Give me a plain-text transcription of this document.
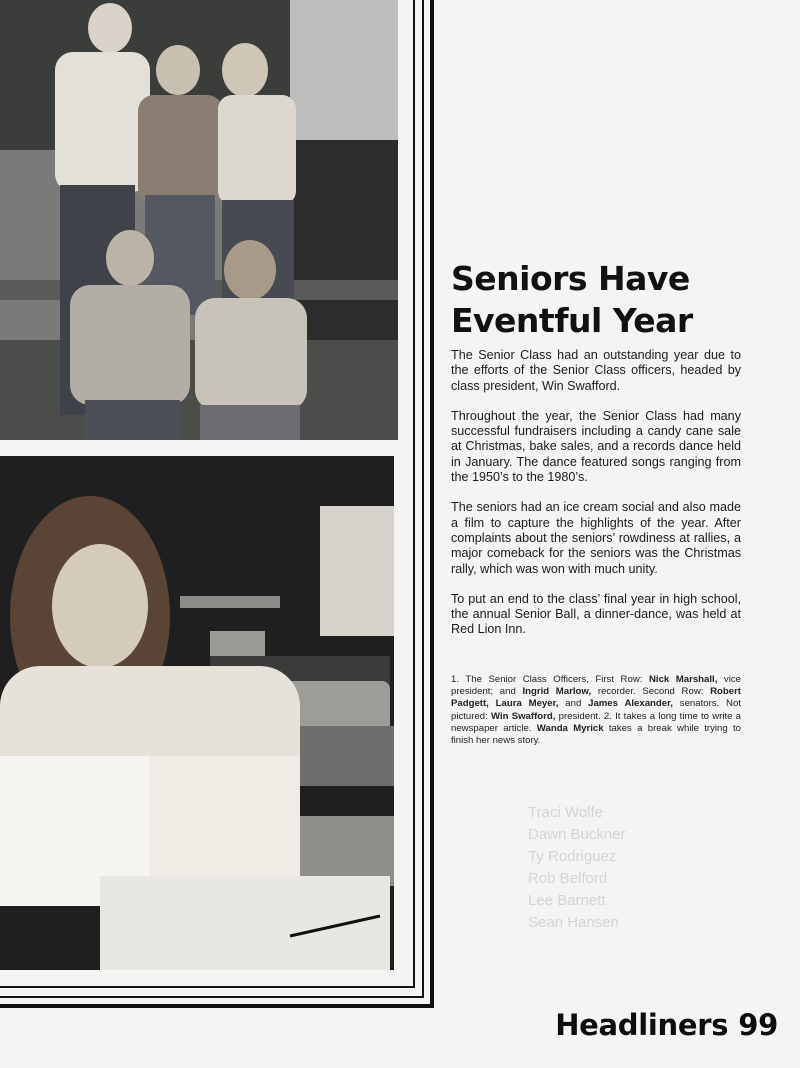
Traci Wolfe
Dawn Buckner
Ty Rodriguez
Rob Belford
Lee Barnett
Sean Hansen
Seniors Have
Eventful Year

The Senior Class had an outstanding year due to the efforts of the Senior Class officers, headed by class president, Win Swafford.

Throughout the year, the Senior Class had many successful fundraisers including a candy cane sale at Christmas, bake sales, and a records dance held in January. The dance featured songs ranging from the 1950’s to the 1980’s.

The seniors had an ice cream social and also made a film to capture the highlights of the year. After complaints about the seniors’ rowdiness at rallies, a major comeback for the seniors was the Christmas rally, which was won with much unity.

To put an end to the class’ final year in high school, the annual Senior Ball, a dinner-dance, was held at Red Lion Inn.

1. The Senior Class Officers, First Row: Nick Marshall, vice president; and Ingrid Marlow, recorder. Second Row: Robert Padgett, Laura Meyer, and James Alexander, senators. Not pictured: Win Swafford, president. 2. It takes a long time to write a newspaper article. Wanda Myrick takes a break while trying to finish her news story.
Headliners 99
